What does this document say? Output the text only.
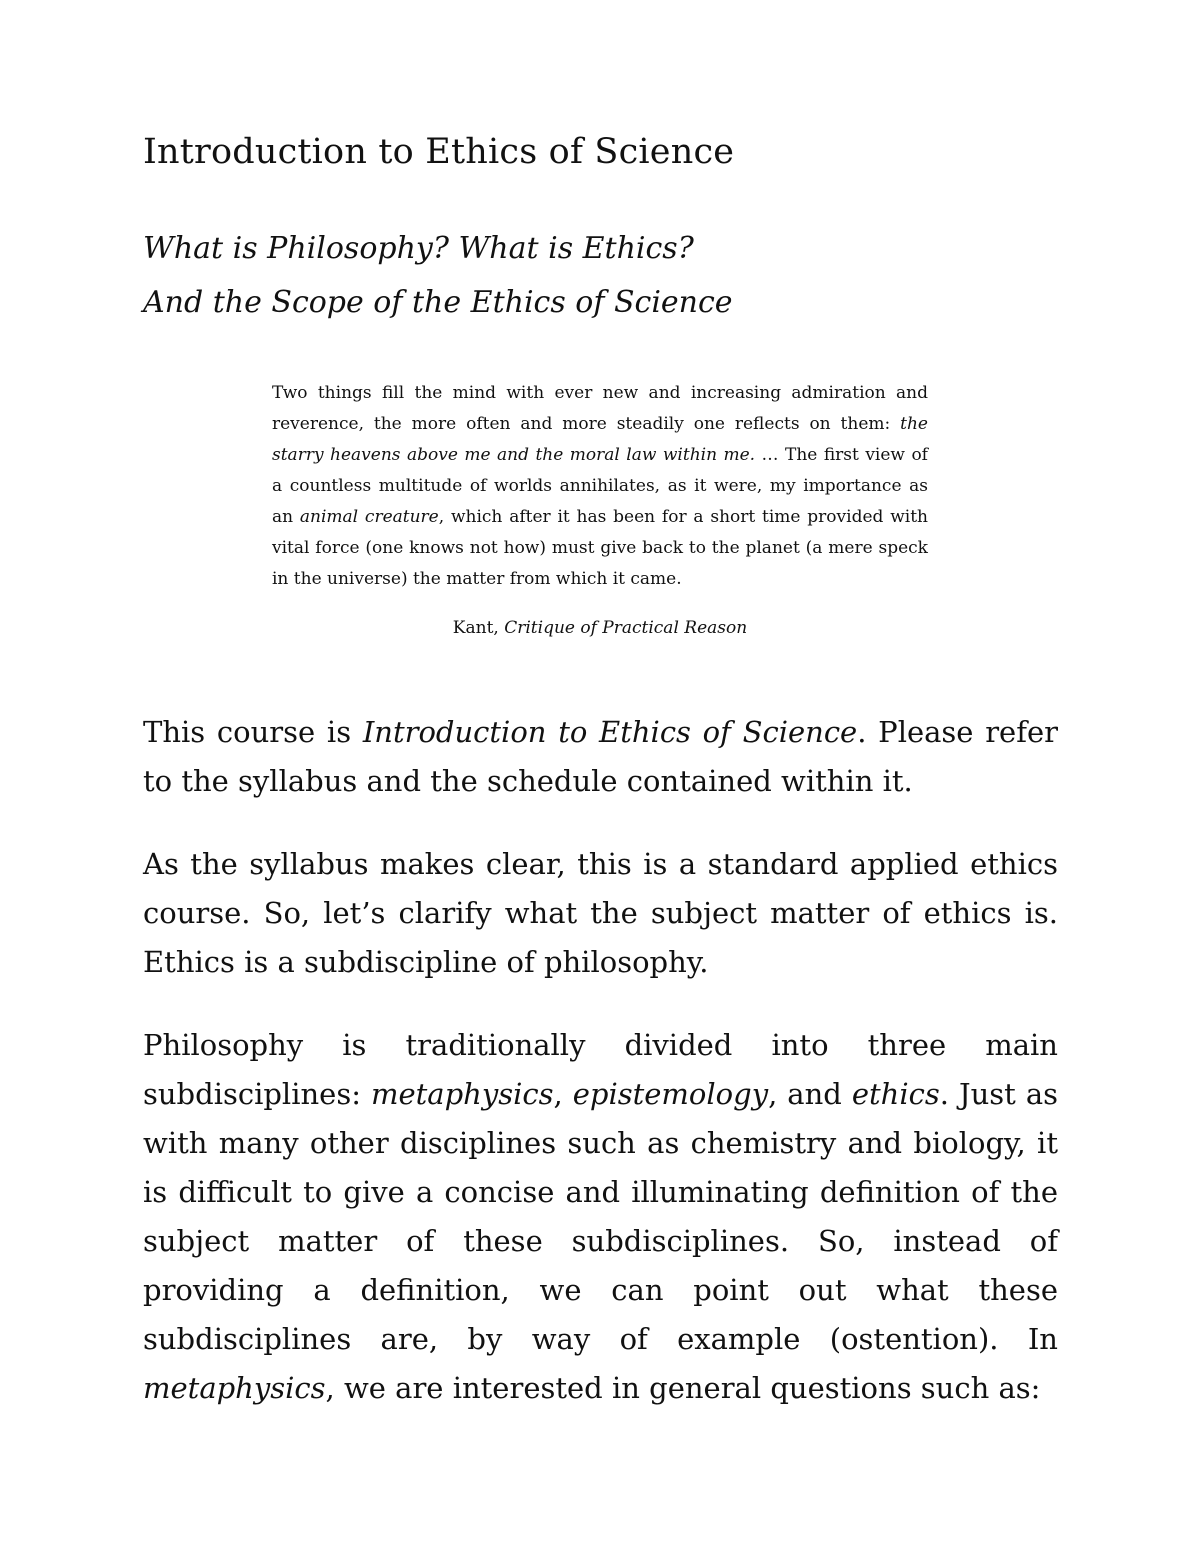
Introduction to Ethics of Science
What is Philosophy? What is Ethics?
And the Scope of the Ethics of Science

Two things fill the mind with ever new and increasing admiration and reverence, the more often and more steadily one reflects on them: the starry heavens above me and the moral law within me. … The first view of a countless multitude of worlds annihilates, as it were, my importance as an animal creature, which after it has been for a short time provided with vital force (one knows not how) must give back to the planet (a mere speck in the universe) the matter from which it came.

Kant, Critique of Practical Reason

This course is Introduction to Ethics of Science. Please refer to the syllabus and the schedule contained within it.

As the syllabus makes clear, this is a standard applied ethics course. So, let’s clarify what the subject matter of ethics is. Ethics is a subdiscipline of philosophy.

Philosophy is traditionally divided into three main subdisciplines: metaphysics, epistemology, and ethics. Just as with many other disciplines such as chemistry and biology, it is difficult to give a concise and illuminating definition of the subject matter of these subdisciplines. So, instead of providing a definition, we can point out what these subdisciplines are, by way of example (ostention). In metaphysics, we are interested in general questions such as:
